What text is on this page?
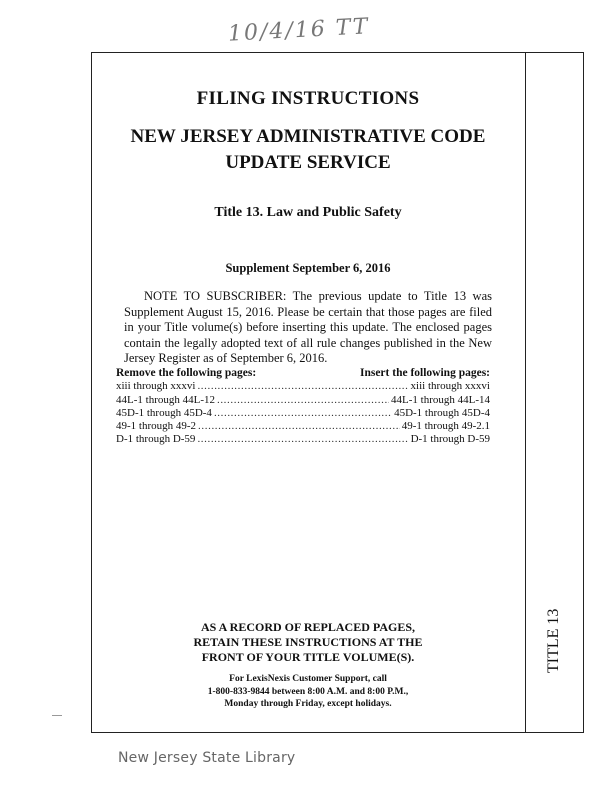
10/4/16 TT
TITLE 13
FILING INSTRUCTIONS
NEW JERSEY ADMINISTRATIVE CODE
UPDATE SERVICE
Title 13. Law and Public Safety
Supplement September 6, 2016
NOTE TO SUBSCRIBER: The previous update to Title 13 was Supplement August 15, 2016. Please be certain that those pages are filed in your Title volume(s) before inserting this update. The enclosed pages contain the legally adopted text of all rule changes published in the New Jersey Register as of September 6, 2016.
Remove the following pages:	Insert the following pages:
xiii through xxxvi .....	xiii through xxxvi
44L-1 through 44L-12 .....	44L-1 through 44L-14
45D-1 through 45D-4 .....	45D-1 through 45D-4
49-1 through 49-2 .....	49-1 through 49-2.1
D-1 through D-59 .....	D-1 through D-59
AS A RECORD OF REPLACED PAGES,
RETAIN THESE INSTRUCTIONS AT THE
FRONT OF YOUR TITLE VOLUME(S).
For LexisNexis Customer Support, call
1-800-833-9844 between 8:00 A.M. and 8:00 P.M.,
Monday through Friday, except holidays.
New Jersey State Library
